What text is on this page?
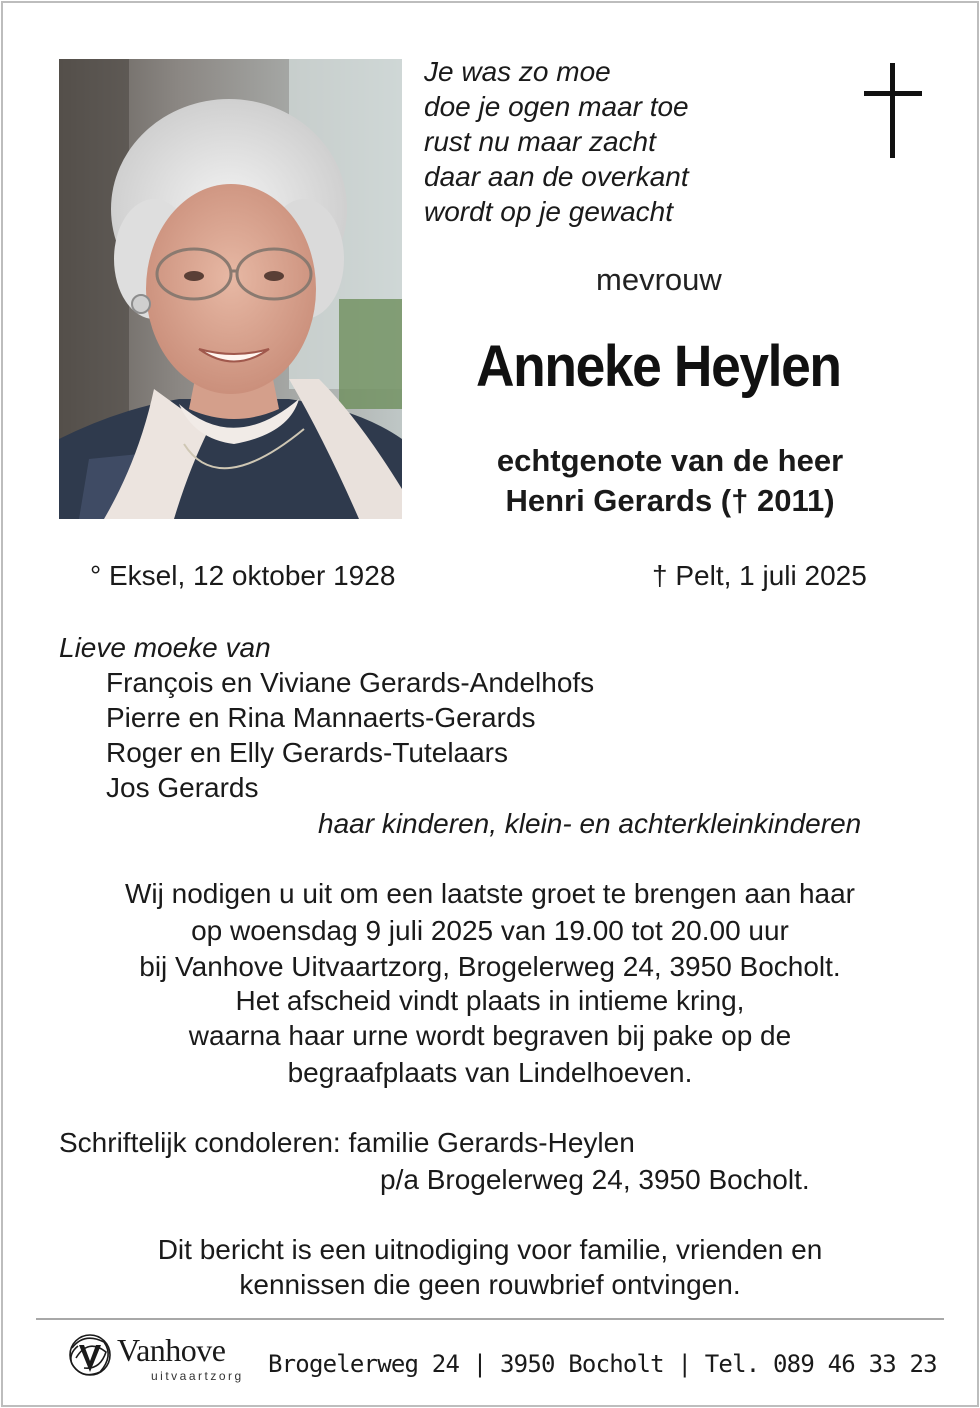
Je was zo moe
doe je ogen maar toe
rust nu maar zacht
daar aan de overkant
wordt op je gewacht
mevrouw
Anneke Heylen
echtgenote van de heer
Henri Gerards († 2011)
° Eksel, 12 oktober 1928	† Pelt, 1 juli 2025
Lieve moeke van
François en Viviane Gerards-Andelhofs
Pierre en Rina Mannaerts-Gerards
Roger en Elly Gerards-Tutelaars
Jos Gerards
haar kinderen, klein- en achterkleinkinderen
Wij nodigen u uit om een laatste groet te brengen aan haar
op woensdag 9 juli 2025 van 19.00 tot 20.00 uur
bij Vanhove Uitvaartzorg, Brogelerweg 24, 3950 Bocholt.
Het afscheid vindt plaats in intieme kring,
waarna haar urne wordt begraven bij pake op de
begraafplaats van Lindelhoeven.
Schriftelijk condoleren: familie Gerards-Heylen
p/a Brogelerweg 24, 3950 Bocholt.
Dit bericht is een uitnodiging voor familie, vrienden en
kennissen die geen rouwbrief ontvingen.
Vanhove
uitvaartzorg Brogelerweg 24 | 3950 Bocholt | Tel. 089 46 33 23
